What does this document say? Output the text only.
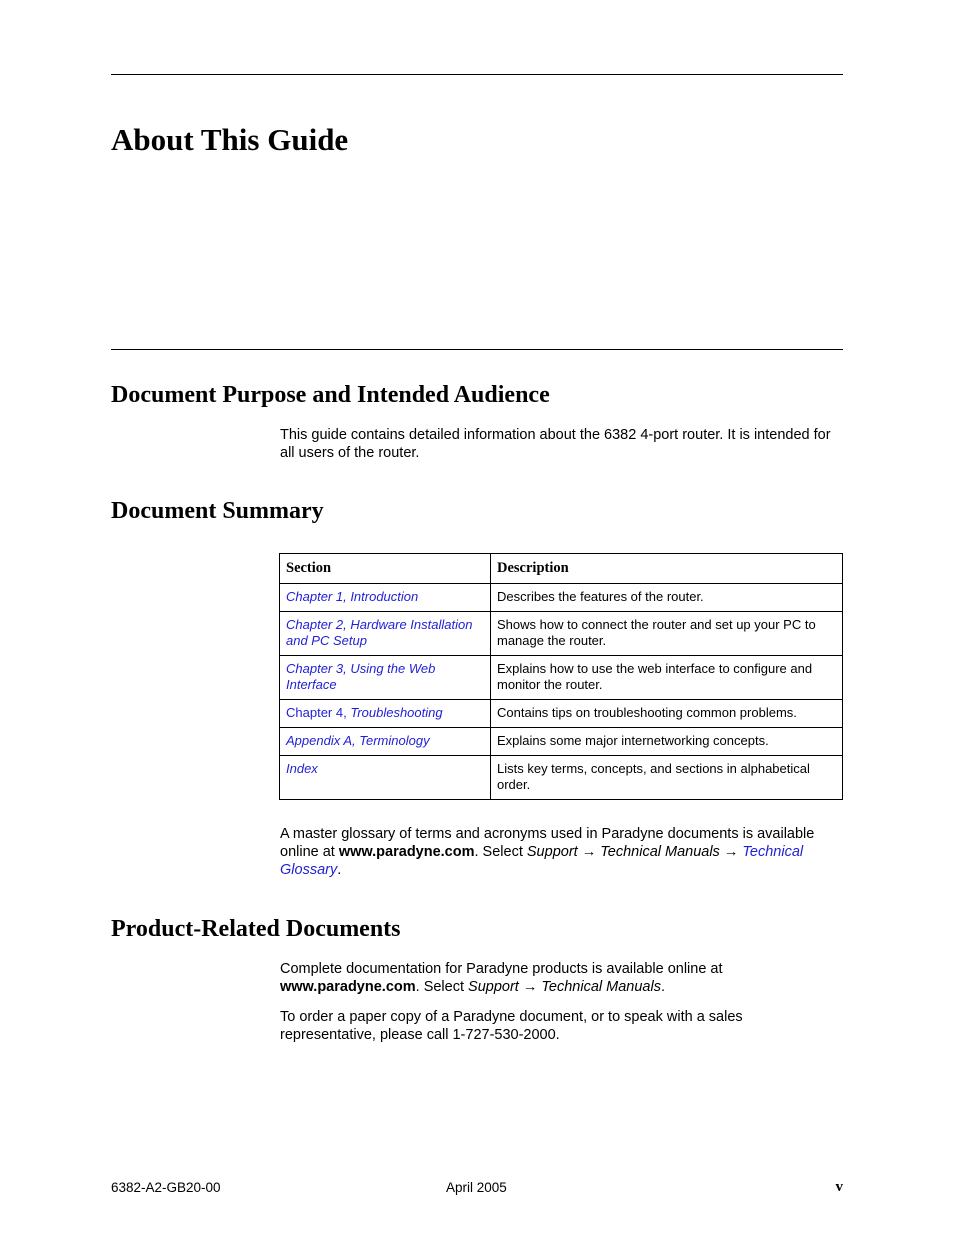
About This Guide
Document Purpose and Intended Audience

This guide contains detailed information about the 6382 4-port router. It is intended for all users of the router.

Document Summary
Section	Description
Chapter 1, Introduction	Describes the features of the router.
Chapter 2, Hardware Installation and PC Setup	Shows how to connect the router and set up your PC to manage the router.
Chapter 3, Using the Web Interface	Explains how to use the web interface to configure and monitor the router.
Chapter 4, Troubleshooting	Contains tips on troubleshooting common problems.
Appendix A, Terminology	Explains some major internetworking concepts.
Index	Lists key terms, concepts, and sections in alphabetical order.

A master glossary of terms and acronyms used in Paradyne documents is available online at www.paradyne.com. Select Support → Technical Manuals → Technical Glossary.

Product-Related Documents

Complete documentation for Paradyne products is available online at www.paradyne.com. Select Support → Technical Manuals.

To order a paper copy of a Paradyne document, or to speak with a sales representative, please call 1-727-530-2000.

6382-A2-GB20-00	April 2005	v
